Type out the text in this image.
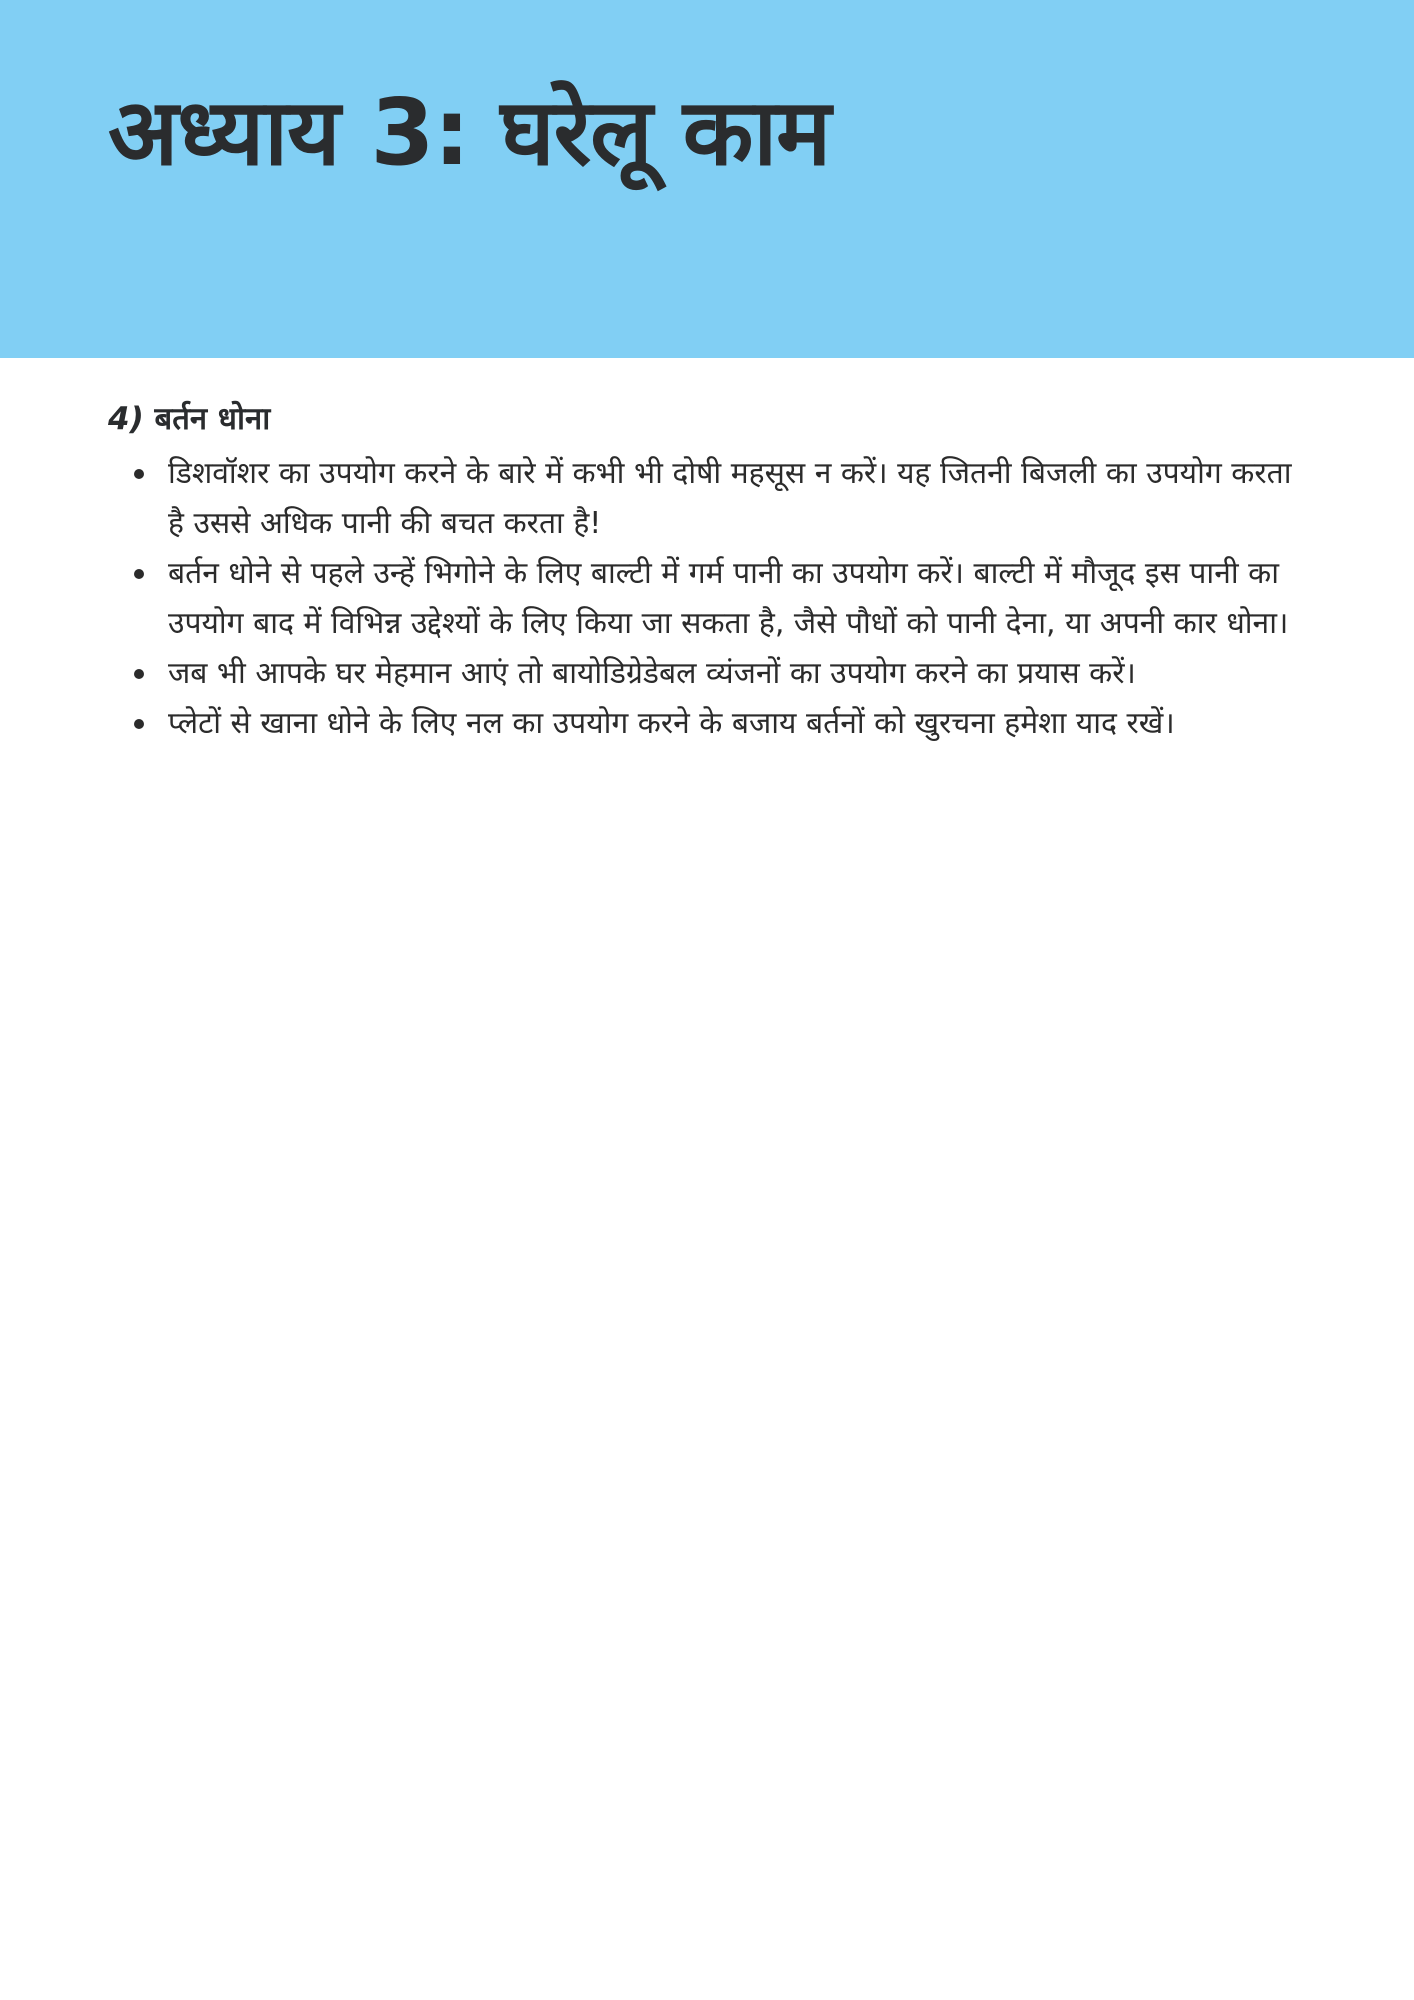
अध्याय 3: घरेलू काम
4) बर्तन धोना
डिशवॉशर का उपयोग करने के बारे में कभी भी दोषी महसूस न करें। यह जितनी बिजली का उपयोग करता है उससे अधिक पानी की बचत करता है!
बर्तन धोने से पहले उन्हें भिगोने के लिए बाल्टी में गर्म पानी का उपयोग करें। बाल्टी में मौजूद इस पानी का उपयोग बाद में विभिन्न उद्देश्यों के लिए किया जा सकता है, जैसे पौधों को पानी देना, या अपनी कार धोना।
जब भी आपके घर मेहमान आएं तो बायोडिग्रेडेबल व्यंजनों का उपयोग करने का प्रयास करें।
प्लेटों से खाना धोने के लिए नल का उपयोग करने के बजाय बर्तनों को खुरचना हमेशा याद रखें।
